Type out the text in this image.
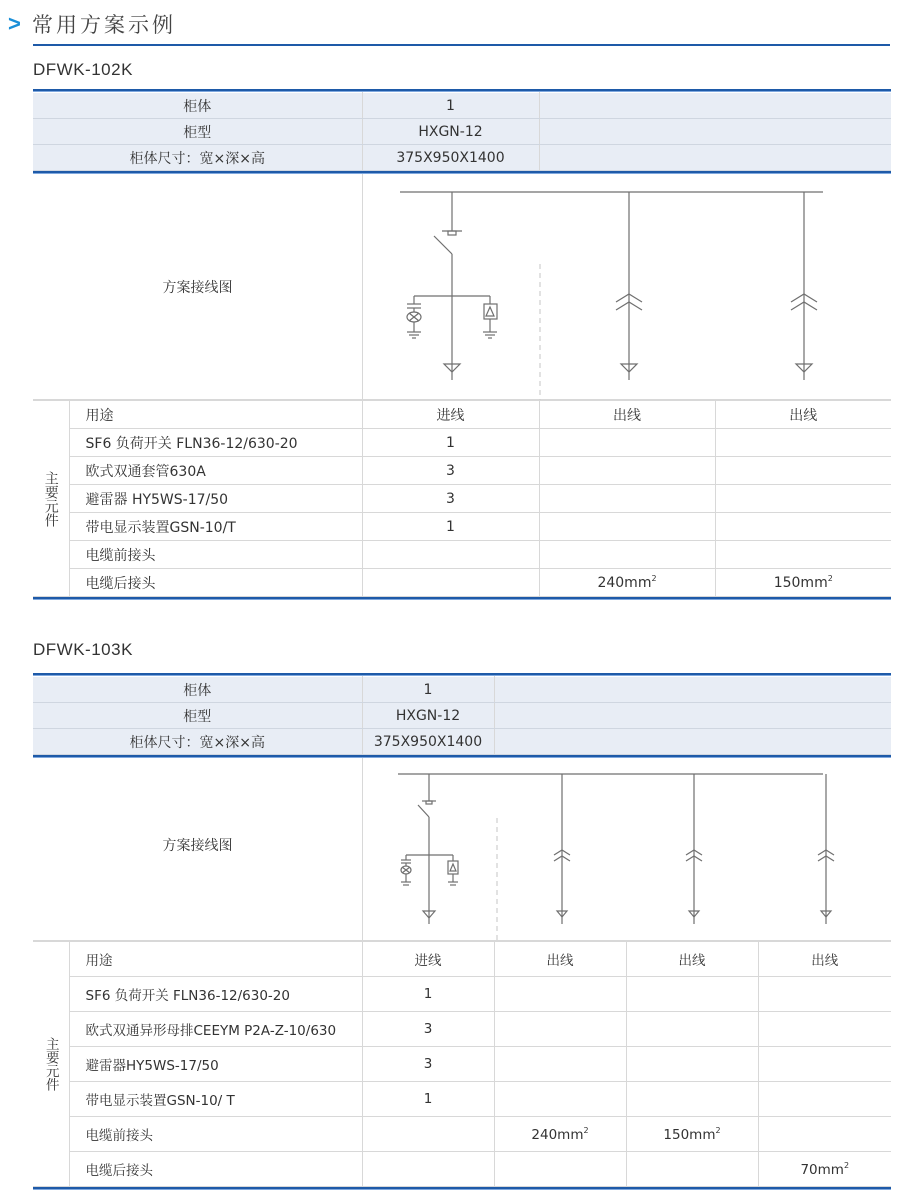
> 常用方案示例
DFWK-102K
柜体	1	
柜型	HXGN-12	
柜体尺寸：宽×深×高	375X950X1400	
方案接线图
主要元件	用途	进线	出线	出线
	SF6 负荷开关 FLN36-12/630-20	1		
	欧式双通套管630A	3		
	避雷器 HY5WS-17/50	3		
	带电显示装置GSN-10/T	1		
	电缆前接头			
	电缆后接头		$240mm^2$	$150mm^2$
DFWK-103K
柜体	1	
柜型	HXGN-12	
柜体尺寸：宽×深×高	375X950X1400	
方案接线图
主要元件	用途	进线	出线	出线	出线
	SF6 负荷开关 FLN36-12/630-20	1			
	欧式双通异形母排CEEYM P2A-Z-10/630	3			
	避雷器HY5WS-17/50	3			
	带电显示装置GSN-10/ T	1			
	电缆前接头		$240mm^2$	$150mm^2$	
	电缆后接头				$70mm^2$
